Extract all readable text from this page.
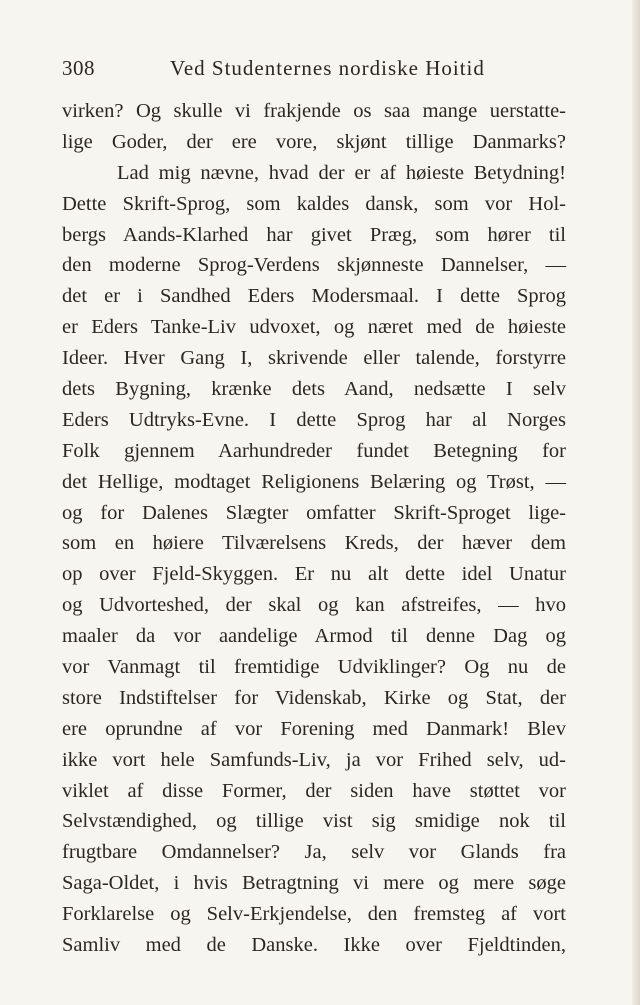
308	Ved Studenternes nordiske Hoitid
virken? Og skulle vi frakjende os saa mange uerstatte-
lige Goder, der ere vore, skjønt tillige Danmarks?
Lad mig nævne, hvad der er af høieste Betydning!
Dette Skrift-Sprog, som kaldes dansk, som vor Hol-
bergs Aands-Klarhed har givet Præg, som hører til
den moderne Sprog-Verdens skjønneste Dannelser, —
det er i Sandhed Eders Modersmaal. I dette Sprog
er Eders Tanke-Liv udvoxet, og næret med de høieste
Ideer. Hver Gang I, skrivende eller talende, forstyrre
dets Bygning, krænke dets Aand, nedsætte I selv
Eders Udtryks-Evne. I dette Sprog har al Norges
Folk gjennem Aarhundreder fundet Betegning for
det Hellige, modtaget Religionens Belæring og Trøst, —
og for Dalenes Slægter omfatter Skrift-Sproget lige-
som en høiere Tilværelsens Kreds, der hæver dem
op over Fjeld-Skyggen. Er nu alt dette idel Unatur
og Udvorteshed, der skal og kan afstreifes, — hvo
maaler da vor aandelige Armod til denne Dag og
vor Vanmagt til fremtidige Udviklinger? Og nu de
store Indstiftelser for Videnskab, Kirke og Stat, der
ere oprundne af vor Forening med Danmark! Blev
ikke vort hele Samfunds-Liv, ja vor Frihed selv, ud-
viklet af disse Former, der siden have støttet vor
Selvstændighed, og tillige vist sig smidige nok til
frugtbare Omdannelser? Ja, selv vor Glands fra
Saga-Oldet, i hvis Betragtning vi mere og mere søge
Forklarelse og Selv-Erkjendelse, den fremsteg af vort
Samliv med de Danske. Ikke over Fjeldtinden,
